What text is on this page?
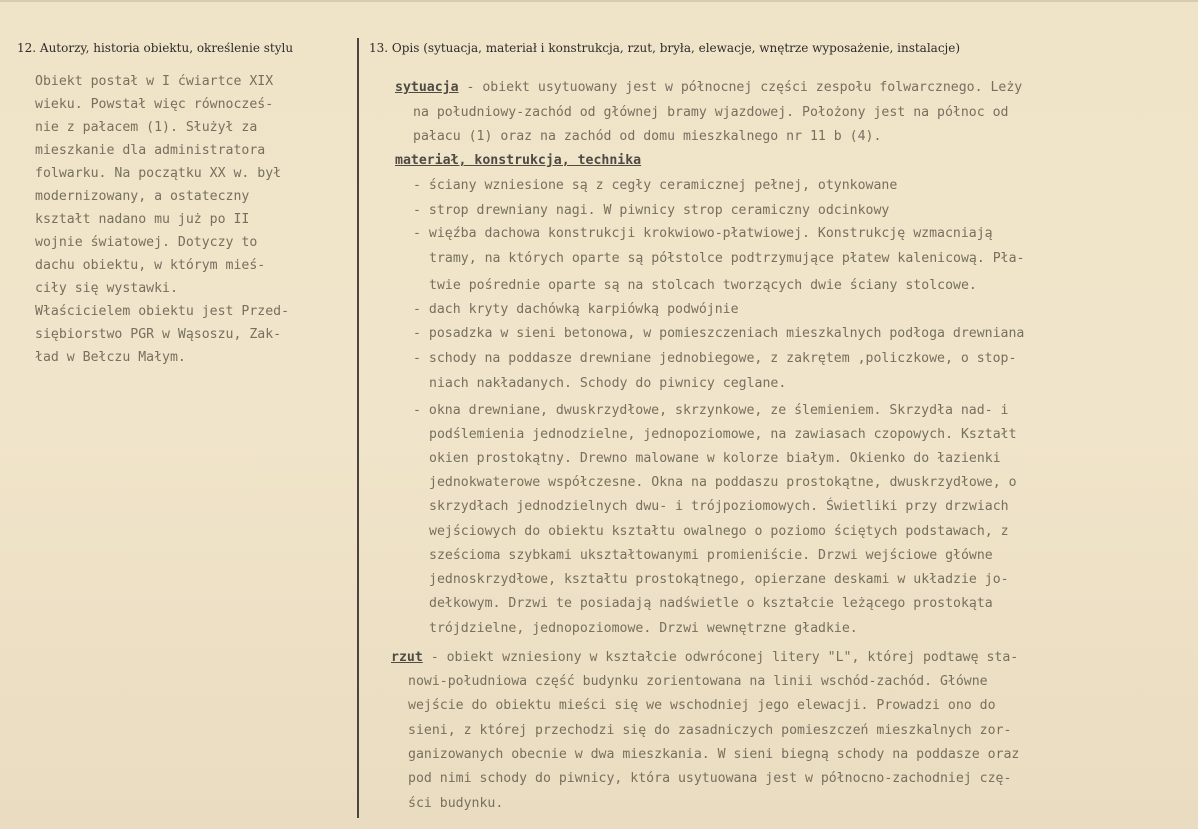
12. Autorzy, historia obiektu, określenie stylu	13. Opis (sytuacja, materiał i konstrukcja, rzut, bryła, elewacje, wnętrze wyposażenie, instalacje)
Obiekt postał w I ćwiartce XIX
wieku. Powstał więc równocześ-
nie z pałacem (1). Służył za
mieszkanie dla administratora
folwarku. Na początku XX w. był
modernizowany, a ostateczny
kształt nadano mu już po II
wojnie światowej. Dotyczy to
dachu obiektu, w którym mieś-
ciły się wystawki.
Właścicielem obiektu jest Przed-
siębiorstwo PGR w Wąsoszu, Zak-
ład w Bełczu Małym.
sytuacja - obiekt usytuowany jest w północnej części zespołu folwarcznego. Leży
na południowy-zachód od głównej bramy wjazdowej. Położony jest na północ od
pałacu (1) oraz na zachód od domu mieszkalnego nr 11 b (4).
materiał, konstrukcja, technika
- ściany wzniesione są z cegły ceramicznej pełnej, otynkowane
- strop drewniany nagi. W piwnicy strop ceramiczny odcinkowy
- więźba dachowa konstrukcji krokwiowo-płatwiowej. Konstrukcję wzmacniają
tramy, na których oparte są półstolce podtrzymujące płatew kalenicową. Pła-
twie pośrednie oparte są na stolcach tworzących dwie ściany stolcowe.
- dach kryty dachówką karpiówką podwójnie
- posadzka w sieni betonowa, w pomieszczeniach mieszkalnych podłoga drewniana
- schody na poddasze drewniane jednobiegowe, z zakrętem ,policzkowe, o stop-
niach nakładanych. Schody do piwnicy ceglane.
- okna drewniane, dwuskrzydłowe, skrzynkowe, ze ślemieniem. Skrzydła nad- i
podślemienia jednodzielne, jednopoziomowe, na zawiasach czopowych. Kształt
okien prostokątny. Drewno malowane w kolorze białym. Okienko do łazienki
jednokwaterowe współczesne. Okna na poddaszu prostokątne, dwuskrzydłowe, o
skrzydłach jednodzielnych dwu- i trójpoziomowych. Świetliki przy drzwiach
wejściowych do obiektu kształtu owalnego o poziomo ściętych podstawach, z
sześcioma szybkami ukształtowanymi promieniście. Drzwi wejściowe główne
jednoskrzydłowe, kształtu prostokątnego, opierzane deskami w układzie jo-
dełkowym. Drzwi te posiadają nadświetle o kształcie leżącego prostokąta
trójdzielne, jednopoziomowe. Drzwi wewnętrzne gładkie.
rzut - obiekt wzniesiony w kształcie odwróconej litery "L", której podtawę sta-
nowi-południowa część budynku zorientowana na linii wschód-zachód. Główne
wejście do obiektu mieści się we wschodniej jego elewacji. Prowadzi ono do
sieni, z której przechodzi się do zasadniczych pomieszczeń mieszkalnych zor-
ganizowanych obecnie w dwa mieszkania. W sieni biegną schody na poddasze oraz
pod nimi schody do piwnicy, która usytuowana jest w północno-zachodniej czę-
ści budynku.
